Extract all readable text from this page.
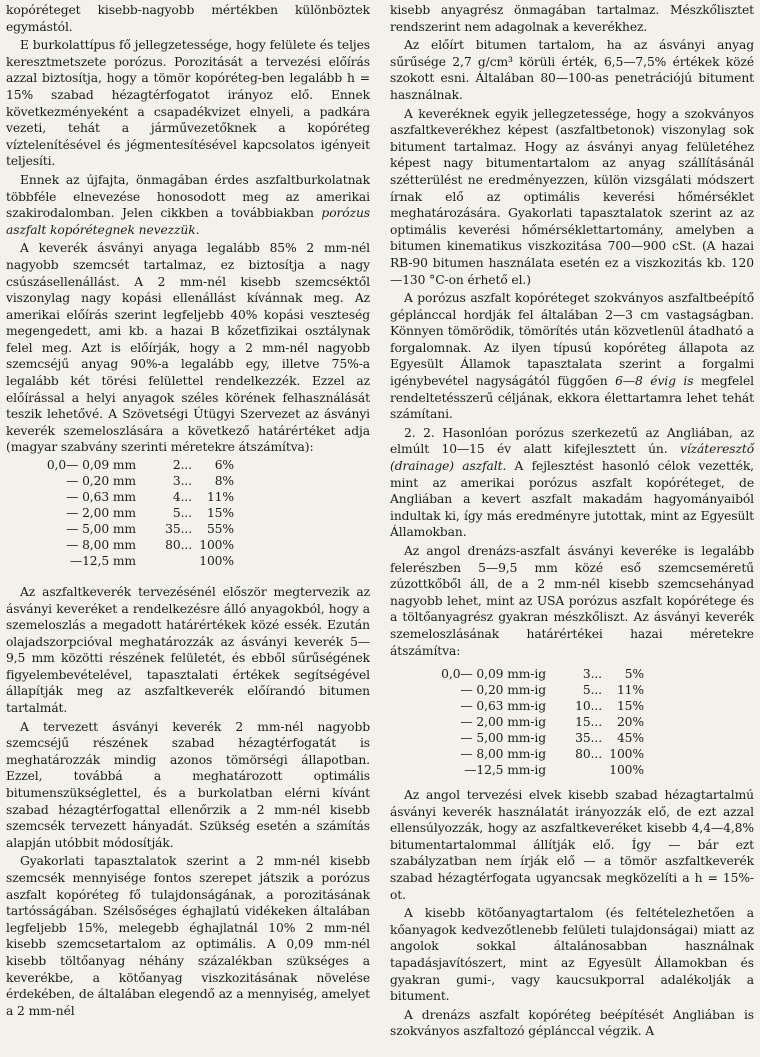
kopóréteget kisebb-nagyobb mértékben különböztek egymástól.

E burkolattípus fő jellegzetessége, hogy felülete és teljes keresztmetszete porózus. Porozitását a tervezési előírás azzal biztosítja, hogy a tömör kopóréteg-ben legalább h = 15% szabad hézagtérfogatot irányoz elő. Ennek következményeként a csapadékvizet elnyeli, a padkára vezeti, tehát a járművezetőknek a kopóréteg víztelenítésével és jégmentesítésével kapcsolatos igényeit teljesíti.

Ennek az újfajta, önmagában érdes aszfaltburkolatnak többféle elnevezése honosodott meg az amerikai szakirodalomban. Jelen cikkben a továbbiakban porózus aszfalt kopórétegnek nevezzük.

A keverék ásványi anyaga legalább 85% 2 mm-nél nagyobb szemcsét tartalmaz, ez biztosítja a nagy csúszásellenállást. A 2 mm-nél kisebb szemcséktől viszonylag nagy kopási ellenállást kívánnak meg. Az amerikai előírás szerint legfeljebb 40% kopási veszteség megengedett, ami kb. a hazai B kőzetfizikai osztálynak felel meg. Azt is előírják, hogy a 2 mm-nél nagyobb szemcséjű anyag 90%-a legalább egy, illetve 75%-a legalább két törési felülettel rendelkezzék. Ezzel az előírással a helyi anyagok széles körének felhasználását teszik lehetővé. A Szövetségi Útügyi Szervezet az ásványi keverék szemeloszlására a következő határértéket adja (magyar szabvány szerinti méretekre átszámítva):

0,0— 0,09 mm	2... 6%
— 0,20 mm	3... 8%
— 0,63 mm	4... 11%
— 2,00 mm	5... 15%
— 5,00 mm	35... 55%
— 8,00 mm	80... 100%
—12,5 mm	100%

Az aszfaltkeverék tervezésénél először megtervezik az ásványi keveréket a rendelkezésre álló anyagokból, hogy a szemeloszlás a megadott határértékek közé essék. Ezután olajadszorpcióval meghatározzák az ásványi keverék 5—9,5 mm közötti részének felületét, és ebből sűrűségének figyelembevételével, tapasztalati értékek segítségével állapítják meg az aszfaltkeverék előírandó bitumen tartalmát.

A tervezett ásványi keverék 2 mm-nél nagyobb szemcséjű részének szabad hézagtérfogatát is meghatározzák mindig azonos tömörségi állapotban. Ezzel, továbbá a meghatározott optimális bitumenszükséglettel, és a burkolatban elérni kívánt szabad hézagtérfogattal ellenőrzik a 2 mm-nél kisebb szemcsék tervezett hányadát. Szükség esetén a számítás alapján utóbbit módosítják.

Gyakorlati tapasztalatok szerint a 2 mm-nél kisebb szemcsék mennyisége fontos szerepet játszik a porózus aszfalt kopóréteg fő tulajdonságának, a porozitásának tartósságában. Szélsőséges éghajlatú vidékeken általában legfeljebb 15%, melegebb éghajlatnál 10% 2 mm-nél kisebb szemcsetartalom az optimális. A 0,09 mm-nél kisebb töltőanyag néhány százalékban szükséges a keverékbe, a kötőanyag viszkozitásának növelése érdekében, de általában elegendő az a mennyiség, amelyet a 2 mm-nél

kisebb anyagrész önmagában tartalmaz. Mészkőlisztet rendszerint nem adagolnak a keverékhez.

Az előírt bitumen tartalom, ha az ásványi anyag sűrűsége 2,7 g/cm³ körüli érték, 6,5—7,5% értékek közé szokott esni. Általában 80—100-as penetrációjú bitument használnak.

A keveréknek egyik jellegzetessége, hogy a szokványos aszfaltkeverékhez képest (aszfaltbetonok) viszonylag sok bitument tartalmaz. Hogy az ásványi anyag felületéhez képest nagy bitumentartalom az anyag szállításánál szétterülést ne eredményezzen, külön vizsgálati módszert írnak elő az optimális keverési hőmérséklet meghatározására. Gyakorlati tapasztalatok szerint az az optimális keverési hőmérséklettartomány, amelyben a bitumen kinematikus viszkozitása 700—900 cSt. (A hazai RB-90 bitumen használata esetén ez a viszkozitás kb. 120—130 °C-on érhető el.)

A porózus aszfalt kopóréteget szokványos aszfaltbeépítő géplánccal hordják fel általában 2—3 cm vastagságban. Könnyen tömörödik, tömörítés után közvetlenül átadható a forgalomnak. Az ilyen típusú kopóréteg állapota az Egyesült Államok tapasztalata szerint a forgalmi igénybevétel nagyságától függően 6—8 évig is megfelel rendeltetésszerű céljának, ekkora élettartamra lehet tehát számítani.

2. 2. Hasonlóan porózus szerkezetű az Angliában, az elmúlt 10—15 év alatt kifejlesztett ún. vízáteresztő (drainage) aszfalt. A fejlesztést hasonló célok vezették, mint az amerikai porózus aszfalt kopóréteget, de Angliában a kevert aszfalt makadám hagyományaiból indultak ki, így más eredményre jutottak, mint az Egyesült Államokban.

Az angol drenázs-aszfalt ásványi keveréke is legalább felerészben 5—9,5 mm közé eső szemcseméretű zúzottkőből áll, de a 2 mm-nél kisebb szemcsehányad nagyobb lehet, mint az USA porózus aszfalt kopórétege és a töltőanyagrész gyakran mészkőliszt. Az ásványi keverék szemeloszlásának határértékei hazai méretekre átszámítva:

0,0— 0,09 mm-ig	3... 5%
— 0,20 mm-ig	5... 11%
— 0,63 mm-ig	10... 15%
— 2,00 mm-ig	15... 20%
— 5,00 mm-ig	35... 45%
— 8,00 mm-ig	80... 100%
—12,5 mm-ig	100%

Az angol tervezési elvek kisebb szabad hézagtartalmú ásványi keverék használatát irányozzák elő, de ezt azzal ellensúlyozzák, hogy az aszfaltkeveréket kisebb 4,4—4,8% bitumentartalommal állítják elő. Így — bár ezt szabályzatban nem írják elő — a tömör aszfaltkeverék szabad hézagtérfogata ugyancsak megközelíti a h = 15%-ot.

A kisebb kötőanyagtartalom (és feltételezhetően a kőanyagok kedvezőtlenebb felületi tulajdonságai) miatt az angolok sokkal általánosabban használnak tapadásjavítószert, mint az Egyesült Államokban és gyakran gumi-, vagy kaucsukporral adalékolják a bitument.

A drenázs aszfalt kopóréteg beépítését Angliában is szokványos aszfaltozó géplánccal végzik. A
